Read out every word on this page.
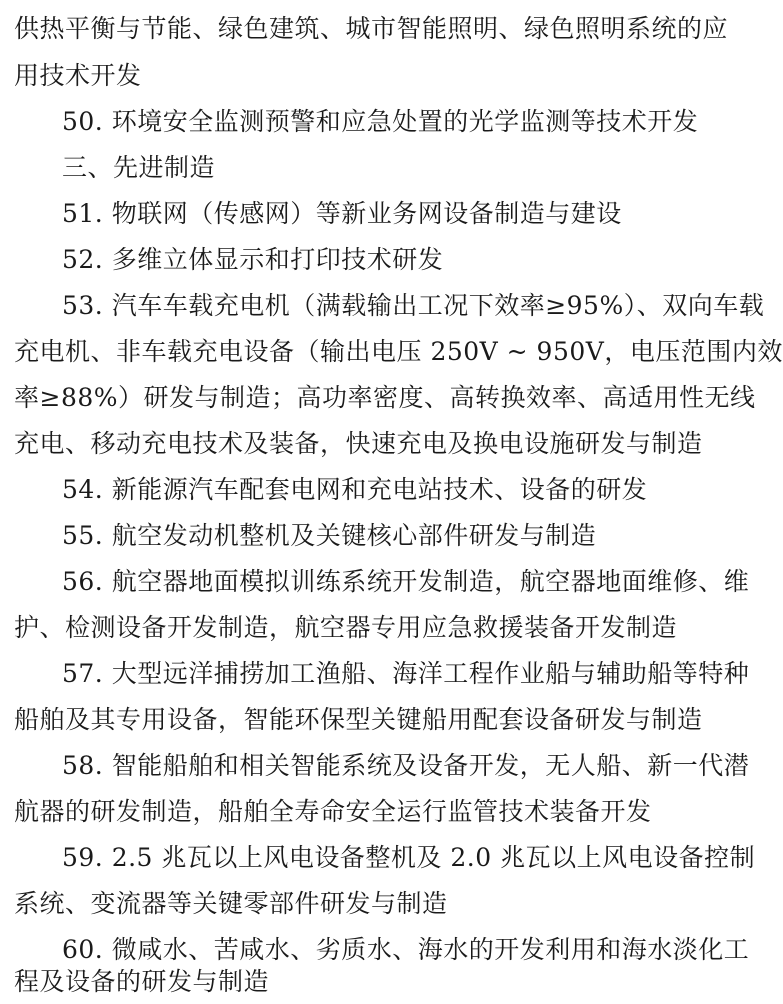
供热平衡与节能、绿色建筑、城市智能照明、绿色照明系统的应
用技术开发
50. 环境安全监测预警和应急处置的光学监测等技术开发
三、先进制造
51. 物联网（传感网）等新业务网设备制造与建设
52. 多维立体显示和打印技术研发
53. 汽车车载充电机（满载输出工况下效率≥95%）、双向车载
充电机、非车载充电设备（输出电压 250V ~ 950V，电压范围内效
率≥88%）研发与制造；高功率密度、高转换效率、高适用性无线
充电、移动充电技术及装备，快速充电及换电设施研发与制造
54. 新能源汽车配套电网和充电站技术、设备的研发
55. 航空发动机整机及关键核心部件研发与制造
56. 航空器地面模拟训练系统开发制造，航空器地面维修、维
护、检测设备开发制造，航空器专用应急救援装备开发制造
57. 大型远洋捕捞加工渔船、海洋工程作业船与辅助船等特种
船舶及其专用设备，智能环保型关键船用配套设备研发与制造
58. 智能船舶和相关智能系统及设备开发，无人船、新一代潜
航器的研发制造，船舶全寿命安全运行监管技术装备开发
59. 2.5 兆瓦以上风电设备整机及 2.0 兆瓦以上风电设备控制
系统、变流器等关键零部件研发与制造
60. 微咸水、苦咸水、劣质水、海水的开发利用和海水淡化工
程及设备的研发与制造
